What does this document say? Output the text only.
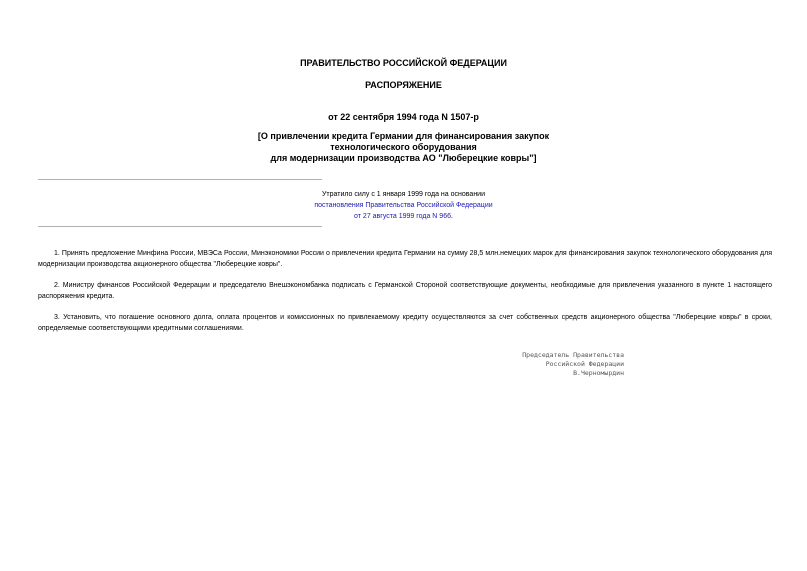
ПРАВИТЕЛЬСТВО РОССИЙСКОЙ ФЕДЕРАЦИИ
РАСПОРЯЖЕНИЕ
от 22 сентября 1994 года N 1507-р
[О привлечении кредита Германии для финансирования закупок
технологического оборудования
для модернизации производства АО "Люберецкие ковры"]
Утратило силу с 1 января 1999 года на основании
постановления Правительства Российской Федерации
от 27 августа 1999 года N 966.
1. Принять предложение Минфина России, МВЭСа России, Минэкономики России о привлечении кредита Германии на сумму 28,5 млн.немецких марок для финансирования закупок технологического оборудования для модернизации производства акционерного общества "Люберецкие ковры".
2. Министру финансов Российской Федерации и председателю Внешэкономбанка подписать с Германской Стороной соответствующие документы, необходимые для привлечения указанного в пункте 1 настоящего распоряжения кредита.
3. Установить, что погашение основного долга, оплата процентов и комиссионных по привлекаемому кредиту осуществляются за счет собственных средств акционерного общества "Люберецкие ковры" в сроки, определяемые соответствующими кредитными соглашениями.
Председатель Правительства
Российской Федерации
В.Черномырдин
